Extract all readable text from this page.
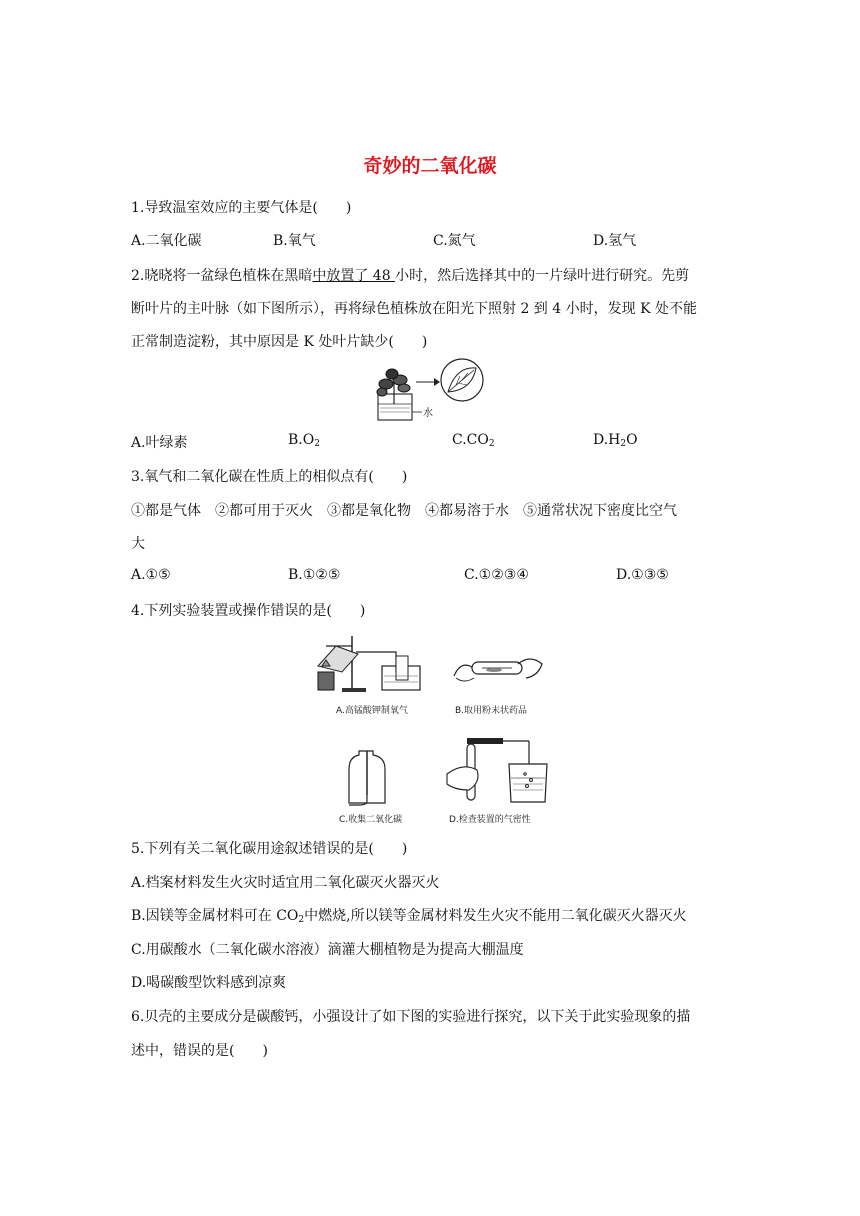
奇妙的二氧化碳
1.导致温室效应的主要气体是(　　)
A.二氧化碳	B.氧气	C.氮气	D.氢气
2.晓晓将一盆绿色植株在黑暗中放置了 48 小时，然后选择其中的一片绿叶进行研究。先剪
断叶片的主叶脉（如下图所示），再将绿色植株放在阳光下照射 2 到 4 小时，发现 K 处不能
正常制造淀粉，其中原因是 K 处叶片缺少(　　)
水
A.叶绿素	$B.O_2$	$C.CO_2$	$D.H_2O$
3.氧气和二氧化碳在性质上的相似点有(　　)
①都是气体　②都可用于灭火　③都是氧化物　④都易溶于水　⑤通常状况下密度比空气
大
A.①⑤	B.①②⑤	C.①②③④	D.①③⑤
4.下列实验装置或操作错误的是(　　)
A.高锰酸钾制氧气	B.取用粉末状药品
C.收集二氧化碳	D.检查装置的气密性
5.下列有关二氧化碳用途叙述错误的是(　　)
A.档案材料发生火灾时适宜用二氧化碳灭火器灭火
B.因镁等金属材料可在 $CO_2$中燃烧,所以镁等金属材料发生火灾不能用二氧化碳灭火器灭火
C.用碳酸水（二氧化碳水溶液）滴灌大棚植物是为提高大棚温度
D.喝碳酸型饮料感到凉爽
6.贝壳的主要成分是碳酸钙，小强设计了如下图的实验进行探究，以下关于此实验现象的描
述中，错误的是(　　)
